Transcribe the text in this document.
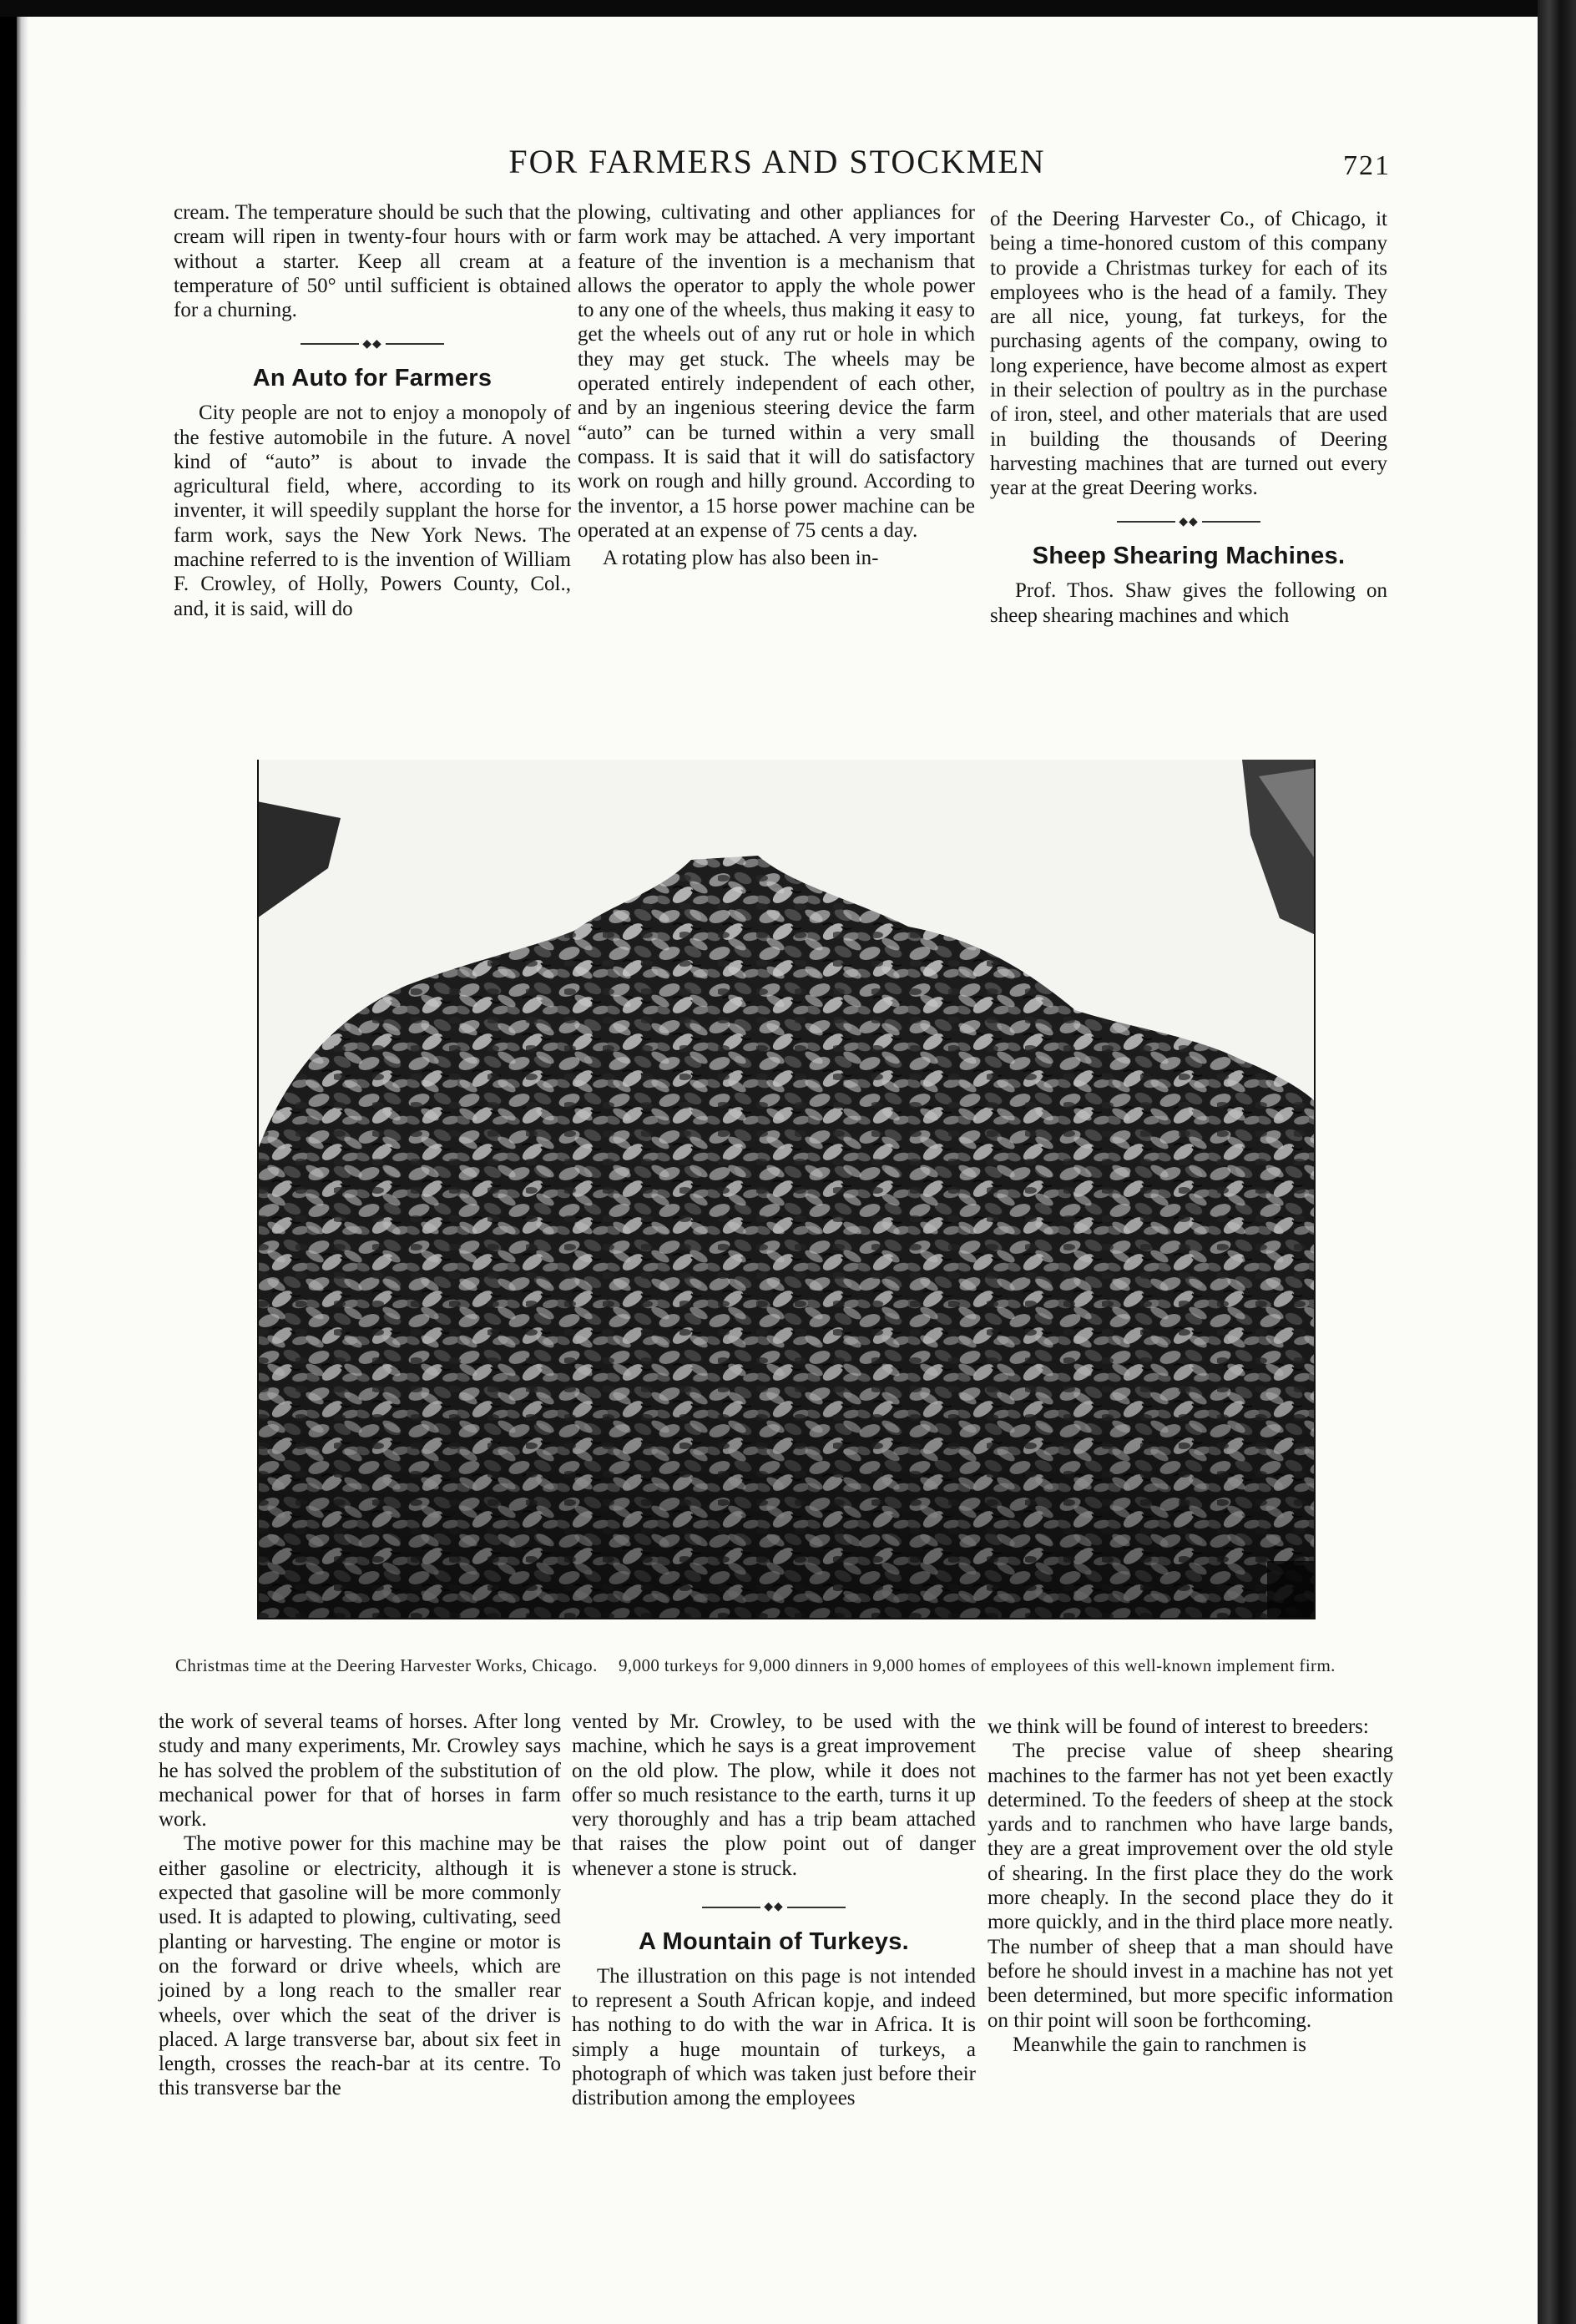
FOR FARMERS AND STOCKMEN	721

cream. The temperature should be such that the cream will ripen in twenty-four hours with or without a starter. Keep all cream at a temperature of 50° until sufficient is obtained for a churning.

◆◆
An Auto for Farmers

City people are not to enjoy a monopoly of the festive automobile in the future. A novel kind of “auto” is about to invade the agricultural field, where, according to its inventer, it will speedily supplant the horse for farm work, says the New York News. The machine referred to is the invention of William F. Crowley, of Holly, Powers County, Col., and, it is said, will do

plowing, cultivating and other appliances for farm work may be attached. A very important feature of the invention is a mechanism that allows the operator to apply the whole power to any one of the wheels, thus making it easy to get the wheels out of any rut or hole in which they may get stuck. The wheels may be operated entirely independent of each other, and by an ingenious steering device the farm “auto” can be turned within a very small compass. It is said that it will do satisfactory work on rough and hilly ground. According to the inventor, a 15 horse power machine can be operated at an expense of 75 cents a day.

A rotating plow has also been in-

of the Deering Harvester Co., of Chicago, it being a time-honored custom of this company to provide a Christmas turkey for each of its employees who is the head of a family. They are all nice, young, fat turkeys, for the purchasing agents of the company, owing to long experience, have become almost as expert in their selection of poultry as in the purchase of iron, steel, and other materials that are used in building the thousands of Deering harvesting machines that are turned out every year at the great Deering works.

◆◆
Sheep Shearing Machines.

Prof. Thos. Shaw gives the following on sheep shearing machines and which

Christmas time at the Deering Harvester Works, Chicago. 9,000 turkeys for 9,000 dinners in 9,000 homes of employees of this well-known implement firm.

the work of several teams of horses. After long study and many experiments, Mr. Crowley says he has solved the problem of the substitution of mechanical power for that of horses in farm work.

The motive power for this machine may be either gasoline or electricity, although it is expected that gasoline will be more commonly used. It is adapted to plowing, cultivating, seed planting or harvesting. The engine or motor is on the forward or drive wheels, which are joined by a long reach to the smaller rear wheels, over which the seat of the driver is placed. A large transverse bar, about six feet in length, crosses the reach-bar at its centre. To this transverse bar the

vented by Mr. Crowley, to be used with the machine, which he says is a great improvement on the old plow. The plow, while it does not offer so much resistance to the earth, turns it up very thoroughly and has a trip beam attached that raises the plow point out of danger whenever a stone is struck.

◆◆
A Mountain of Turkeys.

The illustration on this page is not intended to represent a South African kopje, and indeed has nothing to do with the war in Africa. It is simply a huge mountain of turkeys, a photograph of which was taken just before their distribution among the employees

we think will be found of interest to breeders:

The precise value of sheep shearing machines to the farmer has not yet been exactly determined. To the feeders of sheep at the stock yards and to ranchmen who have large bands, they are a great improvement over the old style of shearing. In the first place they do the work more cheaply. In the second place they do it more quickly, and in the third place more neatly. The number of sheep that a man should have before he should invest in a machine has not yet been determined, but more specific information on thir point will soon be forthcoming.

Meanwhile the gain to ranchmen is
